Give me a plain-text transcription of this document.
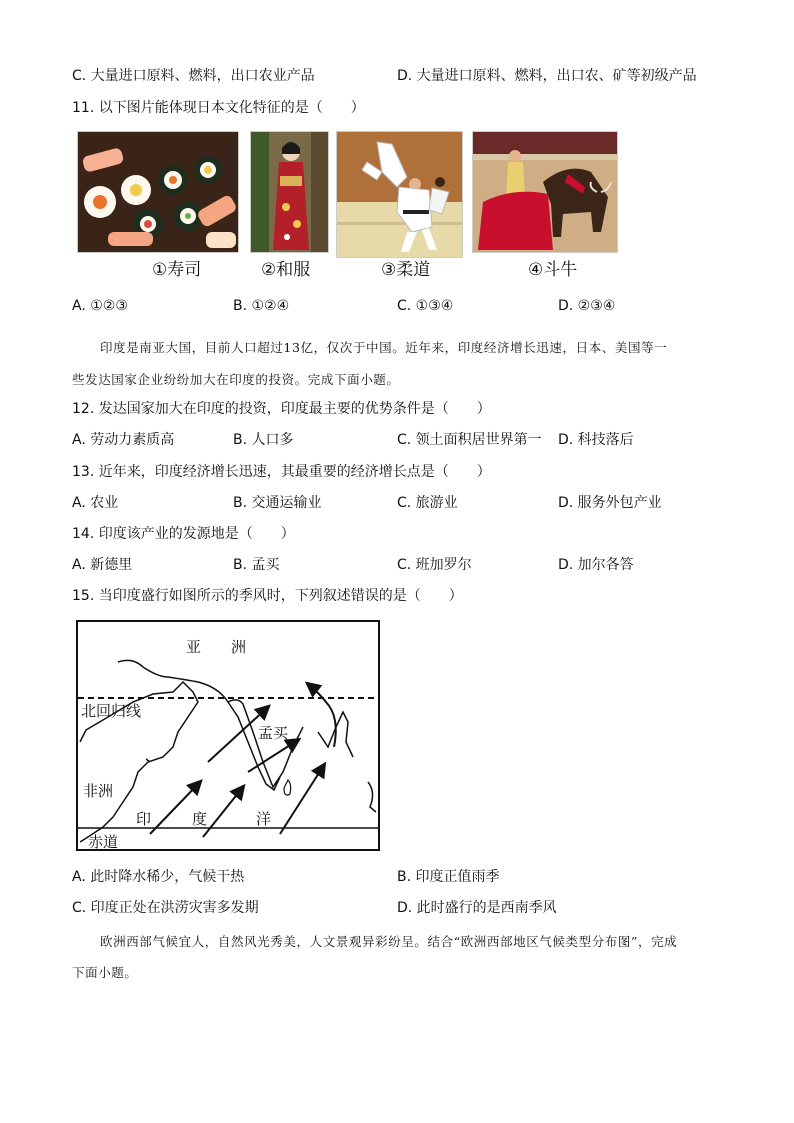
C. 大量进口原料、燃料，出口农业产品	D. 大量进口原料、燃料，出口农、矿等初级产品
11. 以下图片能体现日本文化特征的是（　　）
①寿司	②和服	③柔道	④斗牛
A. ①②③	B. ①②④	C. ①③④	D. ②③④
印度是南亚大国，目前人口超过13亿，仅次于中国。近年来，印度经济增长迅速，日本、美国等一
些发达国家企业纷纷加大在印度的投资。完成下面小题。
12. 发达国家加大在印度的投资，印度最主要的优势条件是（　　）
A. 劳动力素质高	B. 人口多	C. 领土面积居世界第一 D. 科技落后
13. 近年来，印度经济增长迅速，其最重要的经济增长点是（　　）
A. 农业	B. 交通运输业	C. 旅游业	D. 服务外包产业
14. 印度该产业的发源地是（　　）
A. 新德里	B. 孟买	C. 班加罗尔	D. 加尔各答
15. 当印度盛行如图所示的季风时，下列叙述错误的是（　　）
亚　　洲
北回归线
孟买
非洲
印	度	洋
赤道
A. 此时降水稀少，气候干热	B. 印度正值雨季
C. 印度正处在洪涝灾害多发期	D. 此时盛行的是西南季风
欧洲西部气候宜人，自然风光秀美，人文景观异彩纷呈。结合“欧洲西部地区气候类型分布图”，完成
下面小题。
